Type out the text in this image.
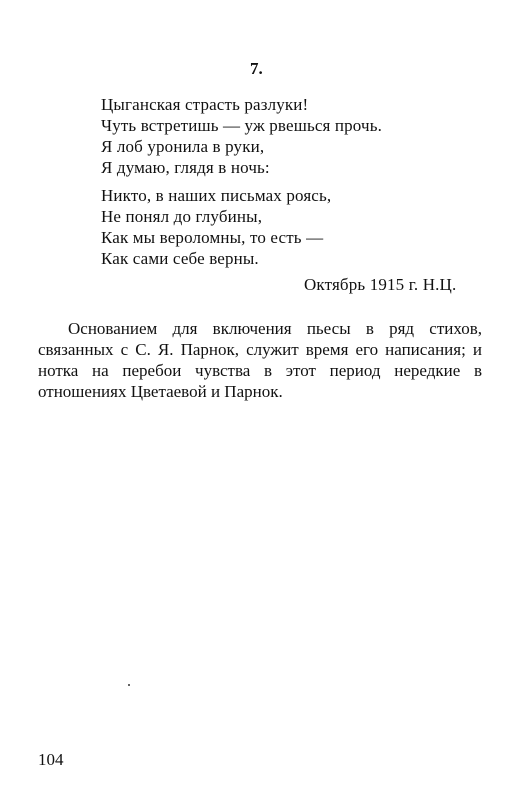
7.
Цыганская страсть разлуки!
Чуть встретишь — уж рвешься прочь.
Я лоб уронила в руки,
Я думаю, глядя в ночь:
Никто, в наших письмах роясь,
Не понял до глубины,
Как мы вероломны, то есть —
Как сами себе верны.
Октябрь 1915 г. Н.Ц.

Основанием для включения пьесы в ряд стихов, связанных с С. Я. Парнок, служит время его написания; и нотка на перебои чувства в этот период нередкие в отношениях Цветаевой и Парнок.

104
